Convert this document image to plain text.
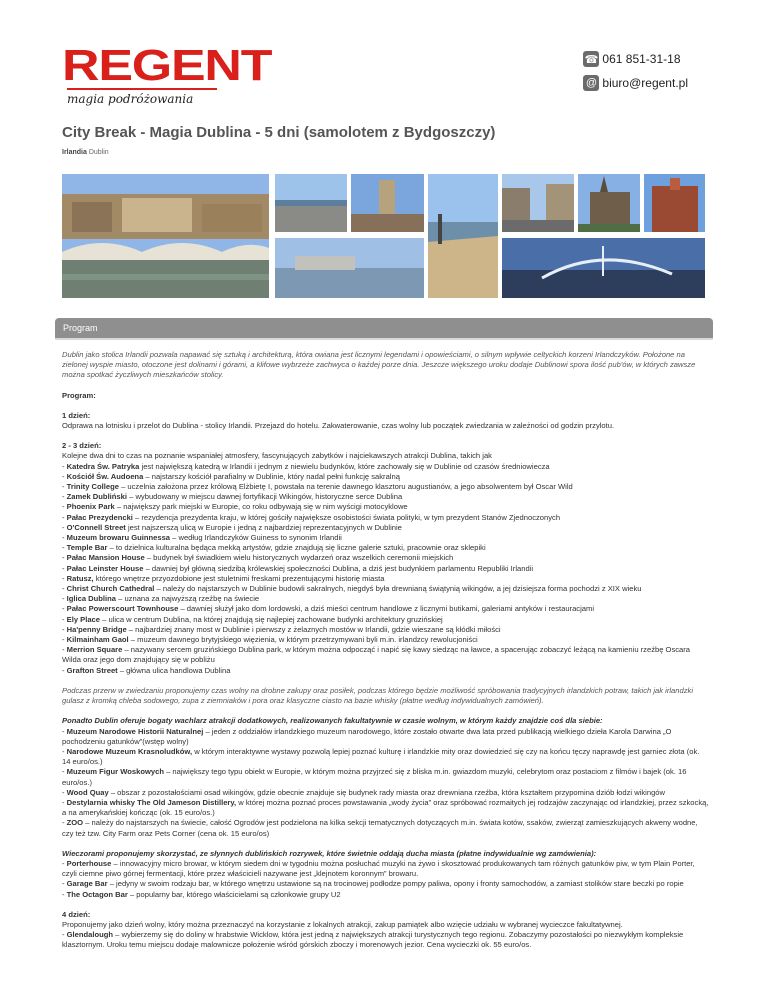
REGENT
magia podróżowania
☎ 061 851-31-18
@ biuro@regent.pl
City Break - Magia Dublina - 5 dni (samolotem z Bydgoszczy)
Irlandia Dublin
Program

Dublin jako stolica Irlandii pozwala napawać się sztuką i architekturą, która owiana jest licznymi legendami i opowieściami, o silnym wpływie celtyckich korzeni Irlandczyków. Położone na zielonej wyspie miasto, otoczone jest dolinami i górami, a klifowe wybrzeże zachwyca o każdej porze dnia. Jeszcze większego uroku dodaje Dublinowi spora ilość pub'ów, w których zawsze można spotkać życzliwych mieszkańców stolicy.

Program:

1 dzień:

Odprawa na lotnisku i przelot do Dublina - stolicy Irlandii. Przejazd do hotelu. Zakwaterowanie, czas wolny lub początek zwiedzania w zależności od godzin przylotu.

2 - 3 dzień:

Kolejne dwa dni to czas na poznanie wspaniałej atmosfery, fascynujących zabytków i najciekawszych atrakcji Dublina, takich jak

- Katedra Św. Patryka jest największą katedrą w Irlandii i jednym z niewielu budynków, które zachowały się w Dublinie od czasów średniowiecza

- Kościół Św. Audoena – najstarszy kościół parafialny w Dublinie, który nadal pełni funkcję sakralną

- Trinity College – uczelnia założona przez królową Elżbietę I, powstała na terenie dawnego klasztoru augustianów, a jego absolwentem był Oscar Wild

- Zamek Dubliński – wybudowany w miejscu dawnej fortyfikacji Wikingów, historyczne serce Dublina

- Phoenix Park – największy park miejski w Europie, co roku odbywają się w nim wyścigi motocyklowe

- Pałac Prezydencki – rezydencja prezydenta kraju, w której gościły największe osobistości świata polityki, w tym prezydent Stanów Zjednoczonych

- O'Connell Street jest najszerszą ulicą w Europie i jedną z najbardziej reprezentacyjnych w Dublinie

- Muzeum browaru Guinnessa – według Irlandczyków Guiness to synonim Irlandii

- Temple Bar – to dzielnica kulturalna będąca mekką artystów, gdzie znajdują się liczne galerie sztuki, pracownie oraz sklepiki

- Pałac Mansion House – budynek był świadkiem wielu historycznych wydarzeń oraz wszelkich ceremonii miejskich

- Pałac Leinster House – dawniej był główną siedzibą królewskiej społeczności Dublina, a dziś jest budynkiem parlamentu Republiki Irlandii

- Ratusz, którego wnętrze przyozdobione jest stuletnimi freskami prezentującymi historię miasta

- Christ Church Cathedral – należy do najstarszych w Dublinie budowli sakralnych, niegdyś była drewnianą świątynią wikingów, a jej dzisiejsza forma pochodzi z XIX wieku

- Iglica Dublina – uznana za najwyższą rzeźbę na świecie

- Pałac Powerscourt Townhouse – dawniej służył jako dom lordowski, a dziś mieści centrum handlowe z licznymi butikami, galeriami antyków i restauracjami

- Ely Place – ulica w centrum Dublina, na której znajdują się najlepiej zachowane budynki architektury gruzińskiej

- Ha'penny Bridge – najbardziej znany most w Dublinie i pierwszy z żelaznych mostów w Irlandii, gdzie wieszane są kłódki miłości

- Kilmainham Gaol – muzeum dawnego brytyjskiego więzienia, w którym przetrzymywani byli m.in. irlandzcy rewolucjoniści

- Merrion Square – nazywany sercem gruzińskiego Dublina park, w którym można odpocząć i napić się kawy siedząc na ławce, a spacerując zobaczyć leżącą na kamieniu rzeźbę Oscara Wilda oraz jego dom znajdujący się w pobliżu

- Grafton Street – główna ulica handlowa Dublina

Podczas przerw w zwiedzaniu proponujemy czas wolny na drobne zakupy oraz posiłek, podczas którego będzie możliwość spróbowania tradycyjnych irlandzkich potraw, takich jak irlandzki gulasz z kromką chleba sodowego, zupa z ziemniaków i pora oraz klasyczne ciasto na bazie whisky (płatne według indywidualnych zamówień).

Ponadto Dublin oferuje bogaty wachlarz atrakcji dodatkowych, realizowanych fakultatywnie w czasie wolnym, w którym każdy znajdzie coś dla siebie:

- Muzeum Narodowe Historii Naturalnej – jeden z oddziałów irlandzkiego muzeum narodowego, które zostało otwarte dwa lata przed publikacją wielkiego dzieła Karola Darwina „O pochodzeniu gatunków”(wstęp wolny)

- Narodowe Muzeum Krasnoludków, w którym interaktywne wystawy pozwolą lepiej poznać kulturę i irlandzkie mity oraz dowiedzieć się czy na końcu tęczy naprawdę jest garniec złota (ok. 14 euro/os.)

- Muzeum Figur Woskowych – największy tego typu obiekt w Europie, w którym można przyjrzeć się z bliska m.in. gwiazdom muzyki, celebrytom oraz postaciom z filmów i bajek (ok. 16 euro/os.)

- Wood Quay – obszar z pozostałościami osad wikingów, gdzie obecnie znajduje się budynek rady miasta oraz drewniana rzeźba, która kształtem przypomina dziób łodzi wikingów

- Destylarnia whisky The Old Jameson Distillery, w której można poznać proces powstawania „wody życia” oraz spróbować rozmaitych jej rodzajów zaczynając od irlandzkiej, przez szkocką, a na amerykańskiej kończąc (ok. 15 euro/os.)

- ZOO – należy do najstarszych na świecie, całość Ogrodów jest podzielona na kilka sekcji tematycznych dotyczących m.in. świata kotów, ssaków, zwierząt zamieszkujących akweny wodne, czy też tzw. City Farm oraz Pets Corner (cena ok. 15 euro/os)

Wieczorami proponujemy skorzystać, ze słynnych dublińskich rozrywek, które świetnie oddają ducha miasta (płatne indywidualnie wg zamówienia):

- Porterhouse – innowacyjny micro browar, w którym siedem dni w tygodniu można posłuchać muzyki na żywo i skosztować produkowanych tam różnych gatunków piw, w tym Plain Porter, czyli ciemne piwo górnej fermentacji, które przez właścicieli nazywane jest „klejnotem koronnym” browaru.

- Garage Bar – jedyny w swoim rodzaju bar, w którego wnętrzu ustawione są na trocinowej podłodze pompy paliwa, opony i fronty samochodów, a zamiast stolików stare beczki po ropie

- The Octagon Bar – popularny bar, którego właścicielami są członkowie grupy U2

4 dzień:

Proponujemy jako dzień wolny, który można przeznaczyć na korzystanie z lokalnych atrakcji, zakup pamiątek albo wzięcie udziału w wybranej wycieczce fakultatywnej.

- Glendalough – wybierzemy się do doliny w hrabstwie Wicklow, która jest jedną z największych atrakcji turystycznych tego regionu. Zobaczymy pozostałości po niezwykłym kompleksie klasztornym. Uroku temu miejscu dodaje malownicze położenie wśród górskich zboczy i morenowych jezior. Cena wycieczki ok. 55 euro/os.
